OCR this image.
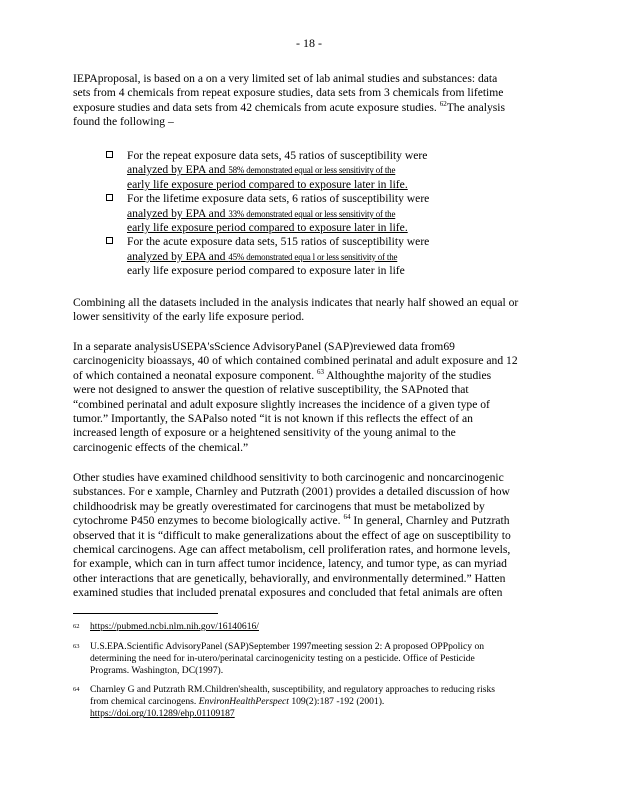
- 18 -
IEPAproposal, is based on a on a very limited set of lab animal studies and substances: data
sets from 4 chemicals from repeat exposure studies, data sets from 3 chemicals from lifetime
exposure studies and data sets from 42 chemicals from acute exposure studies. $^{62}$The analysis
found the following –
For the repeat exposure data sets, 45 ratios of susceptibility were
analyzed by EPA and 58% demonstrated equal or less sensitivity of the
early life exposure period compared to exposure later in life.
For the lifetime exposure data sets, 6 ratios of susceptibility were
analyzed by EPA and 33% demonstrated equal or less sensitivity of the
early life exposure period compared to exposure later in life.
For the acute exposure data sets, 515 ratios of susceptibility were
analyzed by EPA and 45% demonstrated equa l or less sensitivity of the
early life exposure period compared to exposure later in life
Combining all the datasets included in the analysis indicates that nearly half showed an equal or
lower sensitivity of the early life exposure period.
In a separate analysisUSEPA'sScience AdvisoryPanel (SAP)reviewed data from69
carcinogenicity bioassays, 40 of which contained combined perinatal and adult exposure and 12
of which contained a neonatal exposure component. $^{63}$ Althoughthe majority of the studies
were not designed to answer the question of relative susceptibility, the SAPnoted that
“combined perinatal and adult exposure slightly increases the incidence of a given type of
tumor.” Importantly, the SAPalso noted “it is not known if this reflects the effect of an
increased length of exposure or a heightened sensitivity of the young animal to the
carcinogenic effects of the chemical.”
Other studies have examined childhood sensitivity to both carcinogenic and noncarcinogenic
substances. For e xample, Charnley and Putzrath (2001) provides a detailed discussion of how
childhoodrisk may be greatly overestimated for carcinogens that must be metabolized by
cytochrome P450 enzymes to become biologically active. $^{64}$ In general, Charnley and Putzrath
observed that it is “difficult to make generalizations about the effect of age on susceptibility to
chemical carcinogens. Age can affect metabolism, cell proliferation rates, and hormone levels,
for example, which can in turn affect tumor incidence, latency, and tumor type, as can myriad
other interactions that are genetically, behaviorally, and environmentally determined.” Hatten
examined studies that included prenatal exposures and concluded that fetal animals are often
62 https://pubmed.ncbi.nlm.nih.gov/16140616/
63 U.S.EPA.Scientific AdvisoryPanel (SAP)September 1997meeting session 2: A proposed OPPpolicy on
determining the need for in-utero/perinatal carcinogenicity testing on a pesticide. Office of Pesticide
Programs. Washington, DC(1997).
64 Charnley G and Putzrath RM.Children'shealth, susceptibility, and regulatory approaches to reducing risks
from chemical carcinogens. EnvironHealthPerspect 109(2):187 -192 (2001).
https://doi.org/10.1289/ehp.01109187
